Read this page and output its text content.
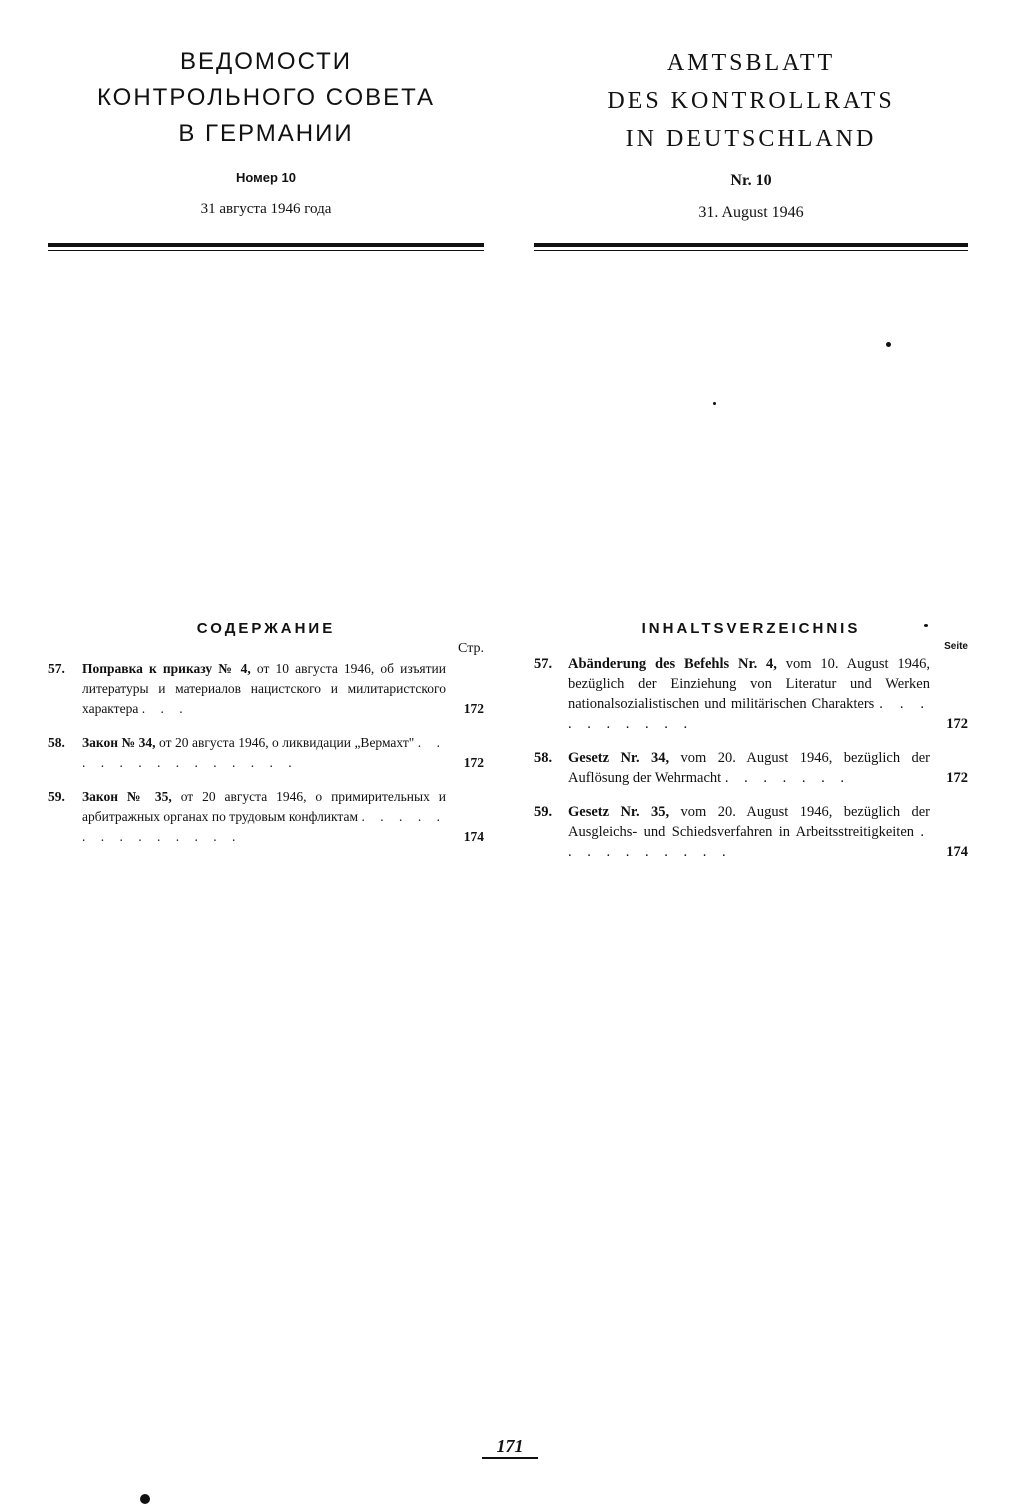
ВЕДОМОСТИ
КОНТРОЛЬНОГО СОВЕТА
В ГЕРМАНИИ
Номер 10
31 августа 1946 года
СОДЕРЖАНИЕ
Стр.
57.	Поправка к приказу № 4, от 10 августа 1946, об изъятии литературы и материалов нацистского и милитаристского характера . . .	172
58.	Закон № 34, от 20 августа 1946, о ликвидации „Вермахт" . . . . . . . . . . . . . .	172
59.	Закон № 35, от 20 августа 1946, о примирительных и арбитражных органах по трудовым конфликтам . . . . . . . . . . . . . .	174
AMTSBLATT
DES KONTROLLRATS
IN DEUTSCHLAND
Nr. 10
31. August 1946
INHALTSVERZEICHNIS
Seite
57.	Abänderung des Befehls Nr. 4, vom 10. August 1946, bezüglich der Einziehung von Literatur und Werken nationalsozialistischen und militärischen Charakters . . . . . . . . . .	172
58.	Gesetz Nr. 34, vom 20. August 1946, bezüglich der Auflösung der Wehrmacht . . . . . . .	172
59.	Gesetz Nr. 35, vom 20. August 1946, bezüglich der Ausgleichs- und Schiedsverfahren in Arbeitsstreitigkeiten . . . . . . . . . .	174
171
